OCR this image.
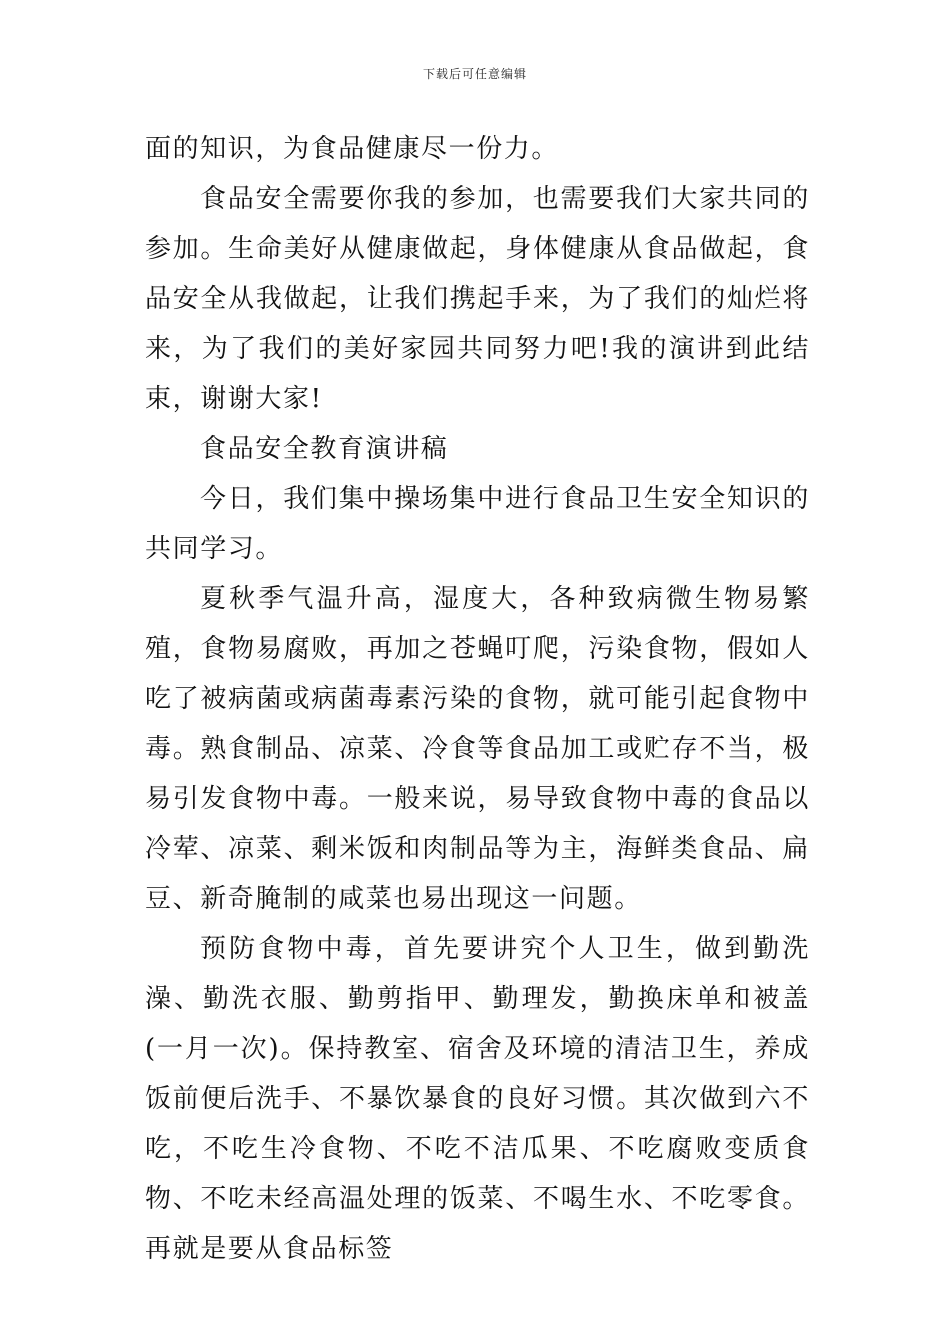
下载后可任意编辑

面的知识，为食品健康尽一份力。

食品安全需要你我的参加，也需要我们大家共同的参加。生命美好从健康做起，身体健康从食品做起，食品安全从我做起，让我们携起手来，为了我们的灿烂将来，为了我们的美好家园共同努力吧!我的演讲到此结束，谢谢大家!

食品安全教育演讲稿

今日，我们集中操场集中进行食品卫生安全知识的共同学习。

夏秋季气温升高，湿度大，各种致病微生物易繁殖，食物易腐败，再加之苍蝇叮爬，污染食物，假如人吃了被病菌或病菌毒素污染的食物，就可能引起食物中毒。熟食制品、凉菜、冷食等食品加工或贮存不当，极易引发食物中毒。一般来说，易导致食物中毒的食品以冷荤、凉菜、剩米饭和肉制品等为主，海鲜类食品、扁豆、新奇腌制的咸菜也易出现这一问题。

预防食物中毒，首先要讲究个人卫生，做到勤洗澡、勤洗衣服、勤剪指甲、勤理发，勤换床单和被盖(一月一次)。保持教室、宿舍及环境的清洁卫生，养成饭前便后洗手、不暴饮暴食的良好习惯。其次做到六不吃，不吃生冷食物、不吃不洁瓜果、不吃腐败变质食物、不吃未经高温处理的饭菜、不喝生水、不吃零食。再就是要从食品标签
